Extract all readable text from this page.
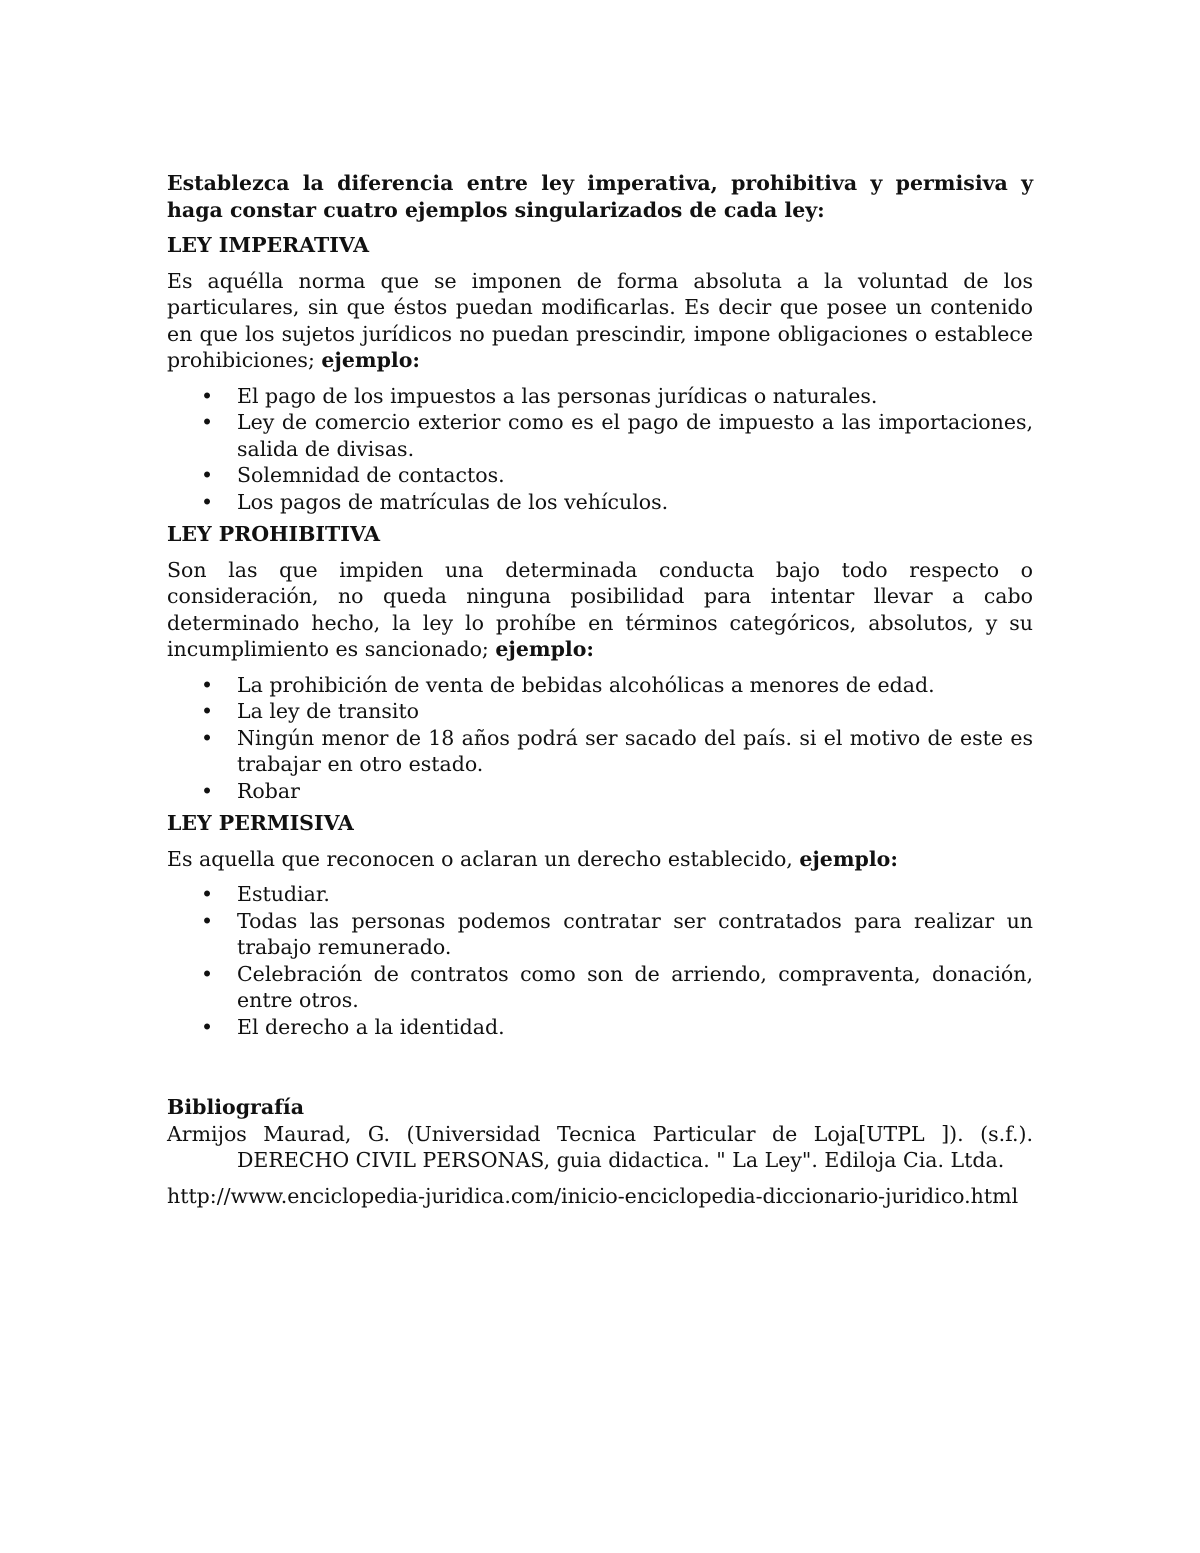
Establezca la diferencia entre ley imperativa, prohibitiva y permisiva y haga constar cuatro ejemplos singularizados de cada ley:

LEY IMPERATIVA

Es aquélla norma que se imponen de forma absoluta a la voluntad de los particulares, sin que éstos puedan modificarlas. Es decir que posee un contenido en que los sujetos jurídicos no puedan prescindir, impone obligaciones o establece prohibiciones; ejemplo:

• El pago de los impuestos a las personas jurídicas o naturales.
• Ley de comercio exterior como es el pago de impuesto a las importaciones, salida de divisas.
• Solemnidad de contactos.
• Los pagos de matrículas de los vehículos.

LEY PROHIBITIVA

Son las que impiden una determinada conducta bajo todo respecto o consideración, no queda ninguna posibilidad para intentar llevar a cabo determinado hecho, la ley lo prohíbe en términos categóricos, absolutos, y su incumplimiento es sancionado; ejemplo:

• La prohibición de venta de bebidas alcohólicas a menores de edad.
• La ley de transito
• Ningún menor de 18 años podrá ser sacado del país. si el motivo de este es trabajar en otro estado.
• Robar

LEY PERMISIVA

Es aquella que reconocen o aclaran un derecho establecido, ejemplo:

• Estudiar.
• Todas las personas podemos contratar ser contratados para realizar un trabajo remunerado.
• Celebración de contratos como son de arriendo, compraventa, donación, entre otros.
• El derecho a la identidad.

Bibliografía

Armijos Maurad, G. (Universidad Tecnica Particular de Loja[UTPL ]). (s.f.). DERECHO CIVIL PERSONAS, guia didactica. " La Ley". Ediloja Cia. Ltda.

http://www.enciclopedia-juridica.com/inicio-enciclopedia-diccionario-juridico.html
